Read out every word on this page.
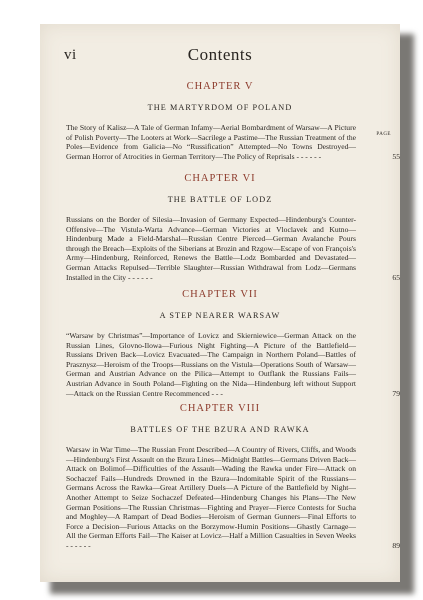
vi	Contents
PAGE
CHAPTER V
THE MARTYRDOM OF POLAND
The Story of Kalisz—A Tale of German Infamy—Aerial Bombardment of Warsaw—A Picture of Polish Poverty—The Looters at Work—Sacrilege a Pastime—The Russian Treatment of the Poles—Evidence from Galicia—No “Russification” Attempted—No Towns Destroyed—German Horror of Atrocities in German Territory—The Policy of Reprisals - - - - - -	55
CHAPTER VI
THE BATTLE OF LODZ
Russians on the Border of Silesia—Invasion of Germany Expected—Hindenburg's Counter-Offensive—The Vistula-Warta Advance—German Victories at Vloclavek and Kutno—Hindenburg Made a Field-Marshal—Russian Centre Pierced—German Avalanche Pours through the Breach—Exploits of the Siberians at Brozin and Rzgow—Escape of von François's Army—Hindenburg, Reinforced, Renews the Battle—Lodz Bombarded and Devastated—German Attacks Repulsed—Terrible Slaughter—Russian Withdrawal from Lodz—Germans Installed in the City - - - - - -	65
CHAPTER VII
A STEP NEARER WARSAW
“Warsaw by Christmas”—Importance of Lovicz and Skierniewice—German Attack on the Russian Lines, Glovno-Ilowa—Furious Night Fighting—A Picture of the Battlefield—Russians Driven Back—Lovicz Evacuated—The Campaign in Northern Poland—Battles of Prasznysz—Heroism of the Troops—Russians on the Vistula—Operations South of Warsaw—German and Austrian Advance on the Pilica—Attempt to Outflank the Russians Fails—Austrian Advance in South Poland—Fighting on the Nida—Hindenburg left without Support—Attack on the Russian Centre Recommenced - - -	79
CHAPTER VIII
BATTLES OF THE BZURA AND RAWKA
Warsaw in War Time—The Russian Front Described—A Country of Rivers, Cliffs, and Woods—Hindenburg's First Assault on the Bzura Lines—Midnight Battles—Germans Driven Back—Attack on Bolimof—Difficulties of the Assault—Wading the Rawka under Fire—Attack on Sochaczef Fails—Hundreds Drowned in the Bzura—Indomitable Spirit of the Russians—Germans Across the Rawka—Great Artillery Duels—A Picture of the Battlefield by Night—Another Attempt to Seize Sochaczef Defeated—Hindenburg Changes his Plans—The New German Positions—The Russian Christmas—Fighting and Prayer—Fierce Contests for Sucha and Moghley—A Rampart of Dead Bodies—Heroism of German Gunners—Final Efforts to Force a Decision—Furious Attacks on the Borzymow-Humin Positions—Ghastly Carnage—All the German Efforts Fail—The Kaiser at Lovicz—Half a Million Casualties in Seven Weeks - - - - - -	89
